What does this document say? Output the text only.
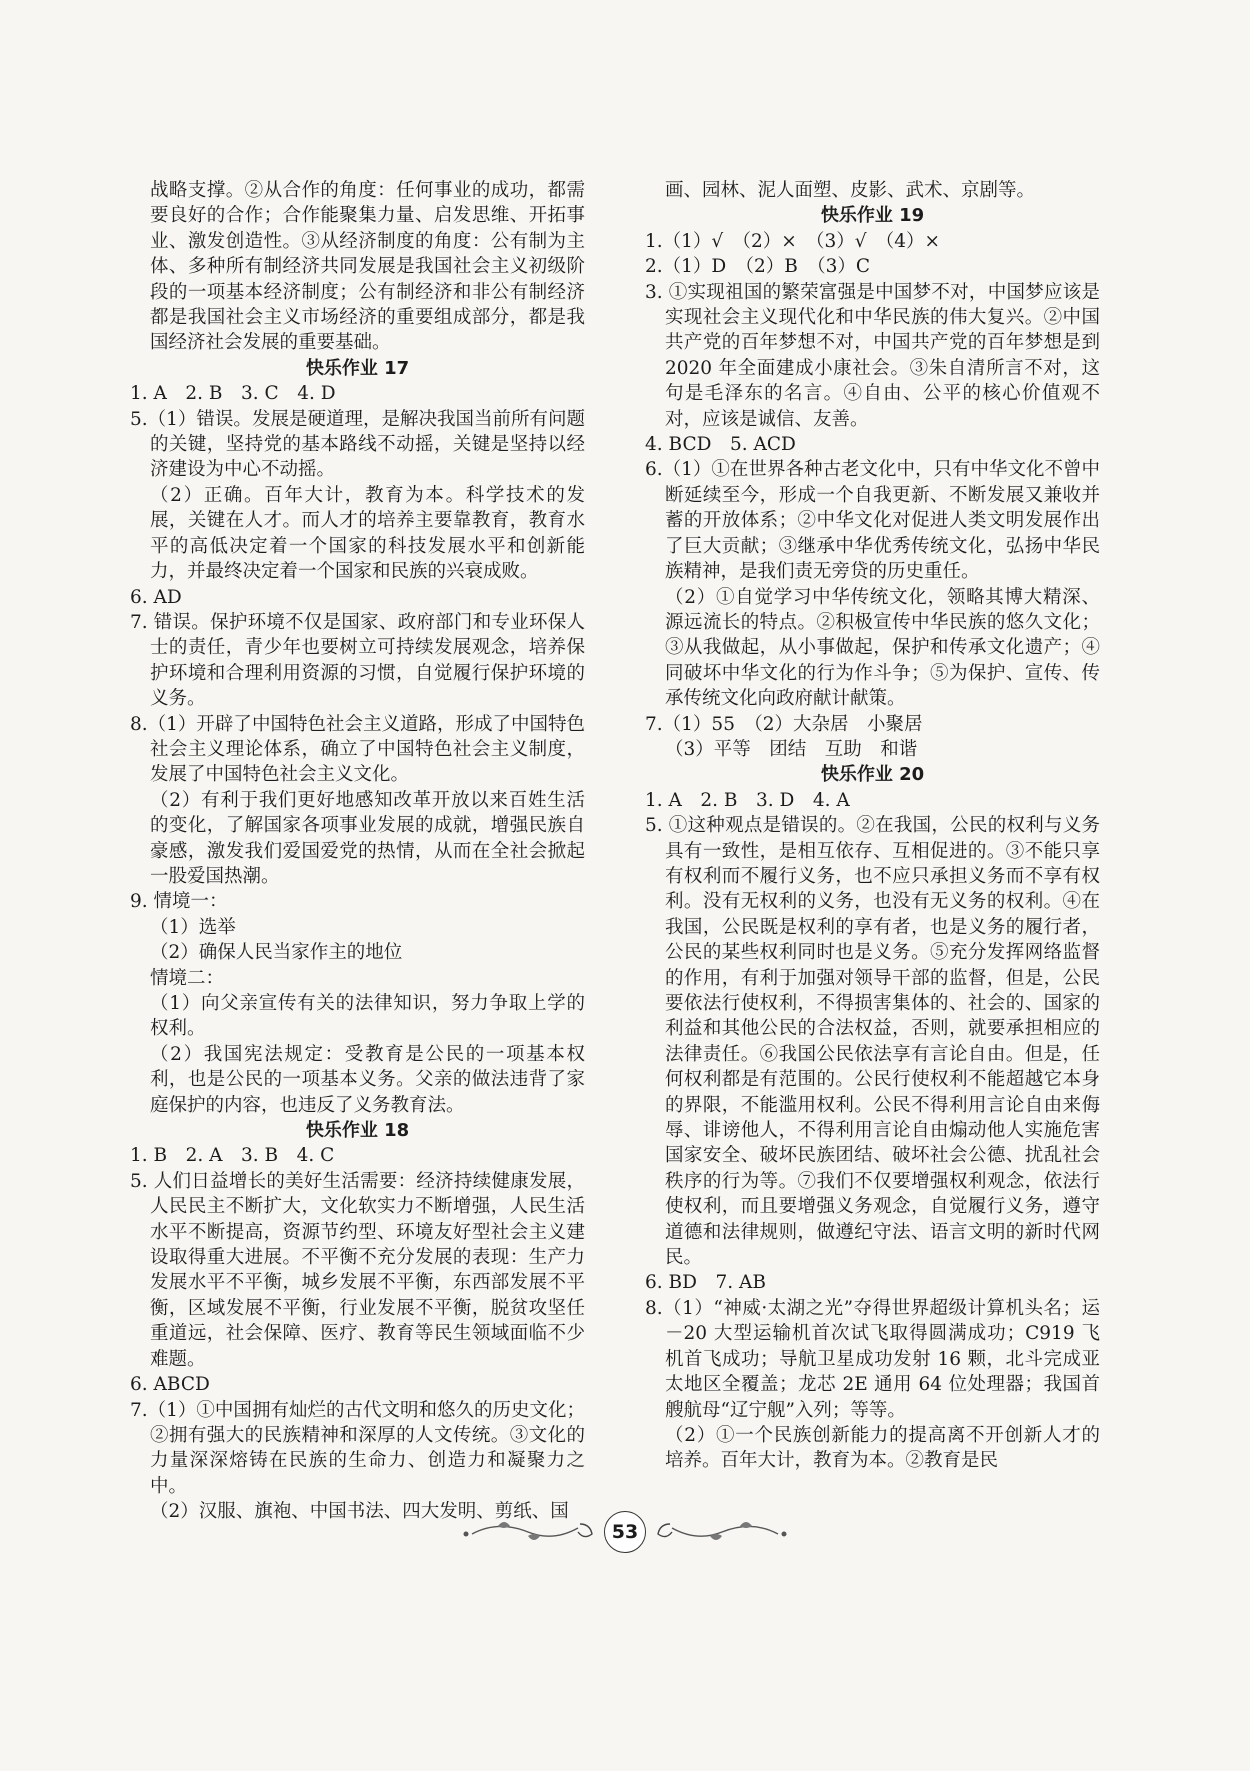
战略支撑。②从合作的角度：任何事业的成功，都需要良好的合作；合作能聚集力量、启发思维、开拓事业、激发创造性。③从经济制度的角度：公有制为主体、多种所有制经济共同发展是我国社会主义初级阶段的一项基本经济制度；公有制经济和非公有制经济都是我国社会主义市场经济的重要组成部分，都是我国经济社会发展的重要基础。

快乐作业 17

1. A　2. B　3. C　4. D

5.（1）错误。发展是硬道理，是解决我国当前所有问题的关键，坚持党的基本路线不动摇，关键是坚持以经济建设为中心不动摇。

（2）正确。百年大计，教育为本。科学技术的发展，关键在人才。而人才的培养主要靠教育，教育水平的高低决定着一个国家的科技发展水平和创新能力，并最终决定着一个国家和民族的兴衰成败。

6. AD

7. 错误。保护环境不仅是国家、政府部门和专业环保人士的责任，青少年也要树立可持续发展观念，培养保护环境和合理利用资源的习惯，自觉履行保护环境的义务。

8.（1）开辟了中国特色社会主义道路，形成了中国特色社会主义理论体系，确立了中国特色社会主义制度，发展了中国特色社会主义文化。

（2）有利于我们更好地感知改革开放以来百姓生活的变化，了解国家各项事业发展的成就，增强民族自豪感，激发我们爱国爱党的热情，从而在全社会掀起一股爱国热潮。

9. 情境一：

（1）选举

（2）确保人民当家作主的地位

情境二：

（1）向父亲宣传有关的法律知识，努力争取上学的权利。

（2）我国宪法规定：受教育是公民的一项基本权利，也是公民的一项基本义务。父亲的做法违背了家庭保护的内容，也违反了义务教育法。

快乐作业 18

1. B　2. A　3. B　4. C

5. 人们日益增长的美好生活需要：经济持续健康发展，人民民主不断扩大，文化软实力不断增强，人民生活水平不断提高，资源节约型、环境友好型社会主义建设取得重大进展。不平衡不充分发展的表现：生产力发展水平不平衡，城乡发展不平衡，东西部发展不平衡，区域发展不平衡，行业发展不平衡，脱贫攻坚任重道远，社会保障、医疗、教育等民生领域面临不少难题。

6. ABCD

7.（1）①中国拥有灿烂的古代文明和悠久的历史文化；②拥有强大的民族精神和深厚的人文传统。③文化的力量深深熔铸在民族的生命力、创造力和凝聚力之中。

（2）汉服、旗袍、中国书法、四大发明、剪纸、国

画、园林、泥人面塑、皮影、武术、京剧等。

快乐作业 19

1.（1）√　（2）×　（3）√　（4）×

2.（1）D　（2）B　（3）C

3. ①实现祖国的繁荣富强是中国梦不对，中国梦应该是实现社会主义现代化和中华民族的伟大复兴。②中国共产党的百年梦想不对，中国共产党的百年梦想是到 2020 年全面建成小康社会。③朱自清所言不对，这句是毛泽东的名言。④自由、公平的核心价值观不对，应该是诚信、友善。

4. BCD　5. ACD

6.（1）①在世界各种古老文化中，只有中华文化不曾中断延续至今，形成一个自我更新、不断发展又兼收并蓄的开放体系；②中华文化对促进人类文明发展作出了巨大贡献；③继承中华优秀传统文化，弘扬中华民族精神，是我们责无旁贷的历史重任。

（2）①自觉学习中华传统文化，领略其博大精深、源远流长的特点。②积极宣传中华民族的悠久文化；③从我做起，从小事做起，保护和传承文化遗产；④同破坏中华文化的行为作斗争；⑤为保护、宣传、传承传统文化向政府献计献策。

7.（1）55　（2）大杂居　小聚居

（3）平等　团结　互助　和谐

快乐作业 20

1. A　2. B　3. D　4. A

5. ①这种观点是错误的。②在我国，公民的权利与义务具有一致性，是相互依存、互相促进的。③不能只享有权利而不履行义务，也不应只承担义务而不享有权利。没有无权利的义务，也没有无义务的权利。④在我国，公民既是权利的享有者，也是义务的履行者，公民的某些权利同时也是义务。⑤充分发挥网络监督的作用，有利于加强对领导干部的监督，但是，公民要依法行使权利，不得损害集体的、社会的、国家的利益和其他公民的合法权益，否则，就要承担相应的法律责任。⑥我国公民依法享有言论自由。但是，任何权利都是有范围的。公民行使权利不能超越它本身的界限，不能滥用权利。公民不得利用言论自由来侮辱、诽谤他人，不得利用言论自由煽动他人实施危害国家安全、破坏民族团结、破坏社会公德、扰乱社会秩序的行为等。⑦我们不仅要增强权利观念，依法行使权利，而且要增强义务观念，自觉履行义务，遵守道德和法律规则，做遵纪守法、语言文明的新时代网民。

6. BD　7. AB

8.（1）“神威·太湖之光”夺得世界超级计算机头名；运－20 大型运输机首次试飞取得圆满成功；C919 飞机首飞成功；导航卫星成功发射 16 颗，北斗完成亚太地区全覆盖；龙芯 2E 通用 64 位处理器；我国首艘航母“辽宁舰”入列；等等。

（2）①一个民族创新能力的提高离不开创新人才的培养。百年大计，教育为本。②教育是民

53
